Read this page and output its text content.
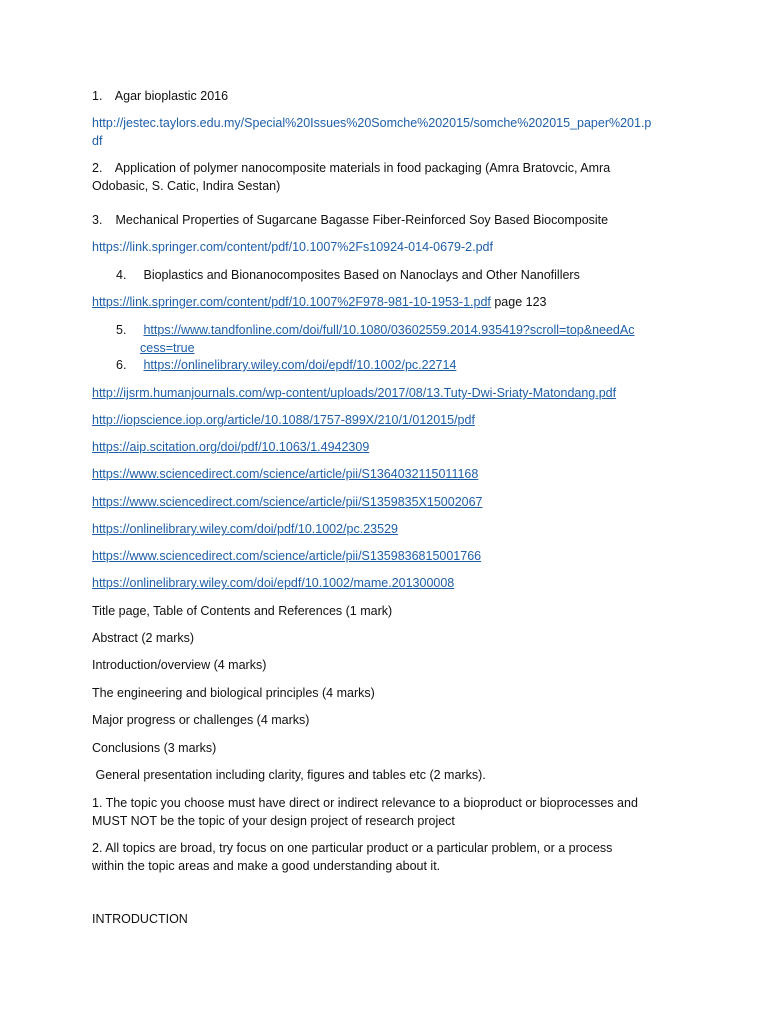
1. Agar bioplastic 2016
http://jestec.taylors.edu.my/Special%20Issues%20Somche%202015/somche%202015_paper%201.p
df
2. Application of polymer nanocomposite materials in food packaging (Amra Bratovcic, Amra
Odobasic, S. Catic, Indira Sestan)
3. Mechanical Properties of Sugarcane Bagasse Fiber-Reinforced Soy Based Biocomposite
https://link.springer.com/content/pdf/10.1007%2Fs10924-014-0679-2.pdf
4. Bioplastics and Bionanocomposites Based on Nanoclays and Other Nanofillers
https://link.springer.com/content/pdf/10.1007%2F978-981-10-1953-1.pdf page 123
5. https://www.tandfonline.com/doi/full/10.1080/03602559.2014.935419?scroll=top&needAc
cess=true
6. https://onlinelibrary.wiley.com/doi/epdf/10.1002/pc.22714
http://ijsrm.humanjournals.com/wp-content/uploads/2017/08/13.Tuty-Dwi-Sriaty-Matondang.pdf
http://iopscience.iop.org/article/10.1088/1757-899X/210/1/012015/pdf
https://aip.scitation.org/doi/pdf/10.1063/1.4942309
https://www.sciencedirect.com/science/article/pii/S1364032115011168
https://www.sciencedirect.com/science/article/pii/S1359835X15002067
https://onlinelibrary.wiley.com/doi/pdf/10.1002/pc.23529
https://www.sciencedirect.com/science/article/pii/S1359836815001766
https://onlinelibrary.wiley.com/doi/epdf/10.1002/mame.201300008
Title page, Table of Contents and References (1 mark)
Abstract (2 marks)
Introduction/overview (4 marks)
The engineering and biological principles (4 marks)
Major progress or challenges (4 marks)
Conclusions (3 marks)
General presentation including clarity, figures and tables etc (2 marks).
1. The topic you choose must have direct or indirect relevance to a bioproduct or bioprocesses and
MUST NOT be the topic of your design project of research project
2. All topics are broad, try focus on one particular product or a particular problem, or a process
within the topic areas and make a good understanding about it.
INTRODUCTION
